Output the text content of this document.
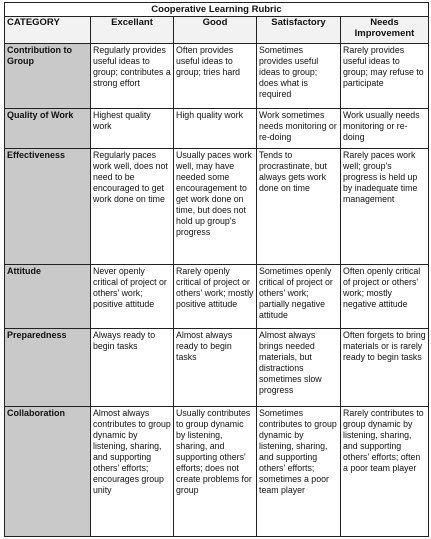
Cooperative Learning Rubric				
CATEGORY	Excellant	Good	Satisfactory	Needs Improvement
Contribution to Group	Regularly provides useful ideas to group; contributes a strong effort	Often provides useful ideas to group; tries hard	Sometimes provides useful ideas to group; does what is required	Rarely provides useful ideas to group; may refuse to participate
Quality of Work	Highest quality work	High quality work	Work sometimes needs monitoring or re-doing	Work usually needs monitoring or re-doing
Effectiveness	Regularly paces work well, does not need to be encouraged to get work done on time	Usually paces work well, may have needed some encouragement to get work done on time, but does not hold up group's progress	Tends to procrastinate, but always gets work done on time	Rarely paces work well; group's progress is held up by inadequate time management
Attitude	Never openly critical of project or others' work; positive attitude	Rarely openly critical of project or others' work; mostly positive attitude	Sometimes openly critical of project or others' work; partially negative attitude	Often openly critical of project or others' work; mostly negative attitude
Preparedness	Always ready to begin tasks	Almost always ready to begin tasks	Almost always brings needed materials, but distractions sometimes slow progress	Often forgets to bring materials or is rarely ready to begin tasks
Collaboration	Almost always contributes to group dynamic by listening, sharing, and supporting others' efforts; encourages group unity	Usually contributes to group dynamic by listening, sharing, and supporting others' efforts; does not create problems for group	Sometimes contributes to group dynamic by listening, sharing, and supporting others' efforts; sometimes a poor team player	Rarely contributes to group dynamic by listening, sharing, and supporting others' efforts; often a poor team player
